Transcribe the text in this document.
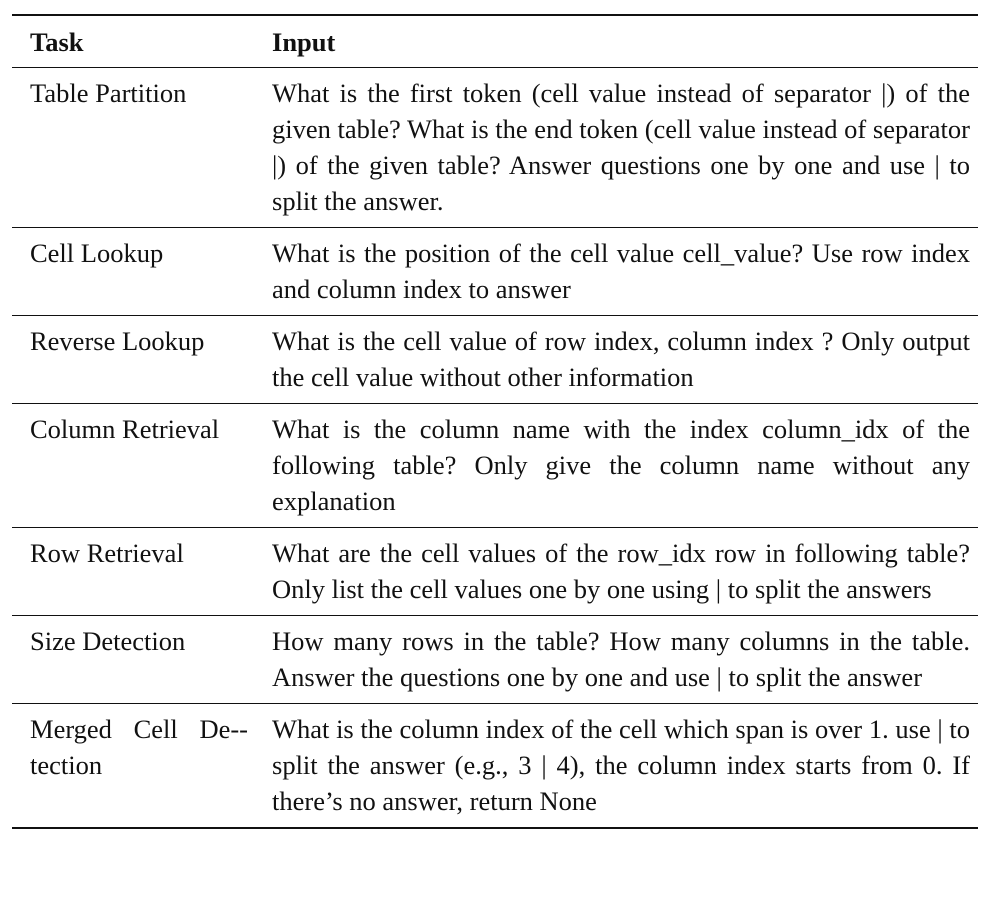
Task	Input
Table Partition	What is the first token (cell value instead of separator |) of the given table? What is the end token (cell value instead of separator |) of the given table? Answer questions one by one and use | to split the answer.
Cell Lookup	What is the position of the cell value cell_value? Use row index and column index to answer
Reverse Lookup	What is the cell value of row index, column index ? Only output the cell value without other information
Column Retrieval	What is the column name with the index column_idx of the following table? Only give the column name without any explanation
Row Retrieval	What are the cell values of the row_idx row in following table? Only list the cell values one by one using | to split the answers
Size Detection	How many rows in the table? How many columns in the table. Answer the questions one by one and use | to split the answer
Merged Cell De-tection	What is the column index of the cell which span is over 1. use | to split the answer (e.g., 3 | 4), the column index starts from 0. If there’s no answer, return None
